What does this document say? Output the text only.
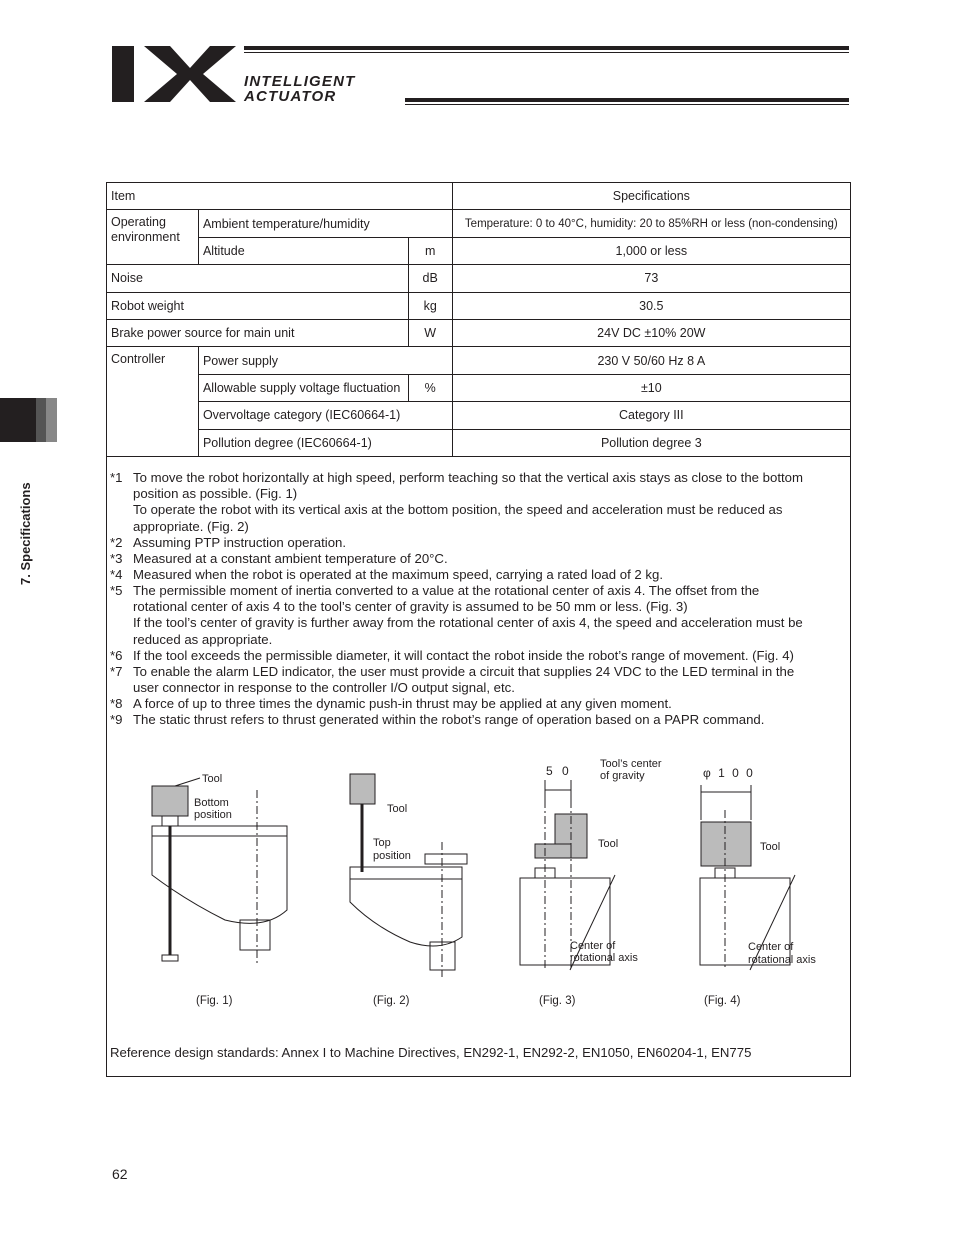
INTELLIGENT
ACTUATOR
7. Specifications
Item			Specifications
Operating environment	Ambient temperature/humidity		Temperature: 0 to 40°C, humidity: 20 to 85%RH or less (non-condensing)
	Altitude	m	1,000 or less
Noise		dB	73
Robot weight		kg	30.5
Brake power source for main unit		W	24V DC ±10% 20W
Controller	Power supply		230 V 50/60 Hz 8 A
	Allowable supply voltage fluctuation	%	±10
	Overvoltage category (IEC60664-1)		Category III
	Pollution degree (IEC60664-1)		Pollution degree 3
*1 To move the robot horizontally at high speed, perform teaching so that the vertical axis stays as close to the bottom
position as possible. (Fig. 1)
To operate the robot with its vertical axis at the bottom position, the speed and acceleration must be reduced as
appropriate. (Fig. 2)
*2 Assuming PTP instruction operation.
*3 Measured at a constant ambient temperature of 20°C.
*4 Measured when the robot is operated at the maximum speed, carrying a rated load of 2 kg.
*5 The permissible moment of inertia converted to a value at the rotational center of axis 4. The offset from the
rotational center of axis 4 to the tool’s center of gravity is assumed to be 50 mm or less. (Fig. 3)
If the tool’s center of gravity is further away from the rotational center of axis 4, the speed and acceleration must be
reduced as appropriate.
*6 If the tool exceeds the permissible diameter, it will contact the robot inside the robot’s range of movement. (Fig. 4)
*7 To enable the alarm LED indicator, the user must provide a circuit that supplies 24 VDC to the LED terminal in the
user connector in response to the controller I/O output signal, etc.
*8 A force of up to three times the dynamic push-in thrust may be applied at any given moment.
*9 The static thrust refers to thrust generated within the robot’s range of operation based on a PAPR command.
Tool
Bottom
position	Tool
Top
position
5 0	Tool’s center
of gravity
Tool
Center of
rotational axis
φ 1 0 0
Tool
Center of
rotational axis
(Fig. 1)	(Fig. 2)	(Fig. 3)	(Fig. 4)
Reference design standards: Annex I to Machine Directives, EN292-1, EN292-2, EN1050, EN60204-1, EN775
62
